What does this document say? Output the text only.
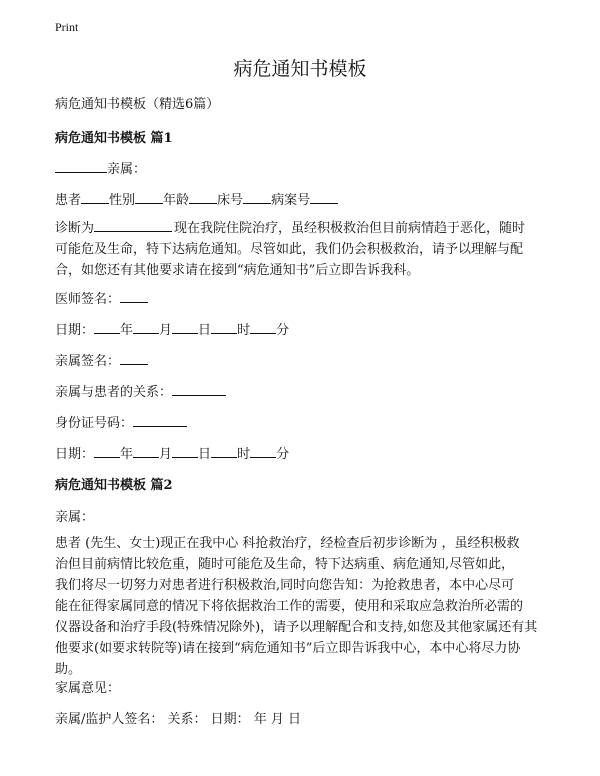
Print
病危通知书模板
病危通知书模板（精选6篇）
病危通知书模板 篇1
亲属：
患者 性别 年龄 床号 病案号
诊断为	现在我院住院治疗，虽经积极救治但目前病情趋于恶化，随时
可能危及生命，特下达病危通知。尽管如此，我们仍会积极救治，请予以理解与配
合，如您还有其他要求请在接到“病危通知书”后立即告诉我科。
医师签名：
日期： 年 月 日 时 分
亲属签名：
亲属与患者的关系：
身份证号码：
日期： 年 月 日 时 分
病危通知书模板 篇2
亲属：
患者 (先生、女士)现正在我中心 科抢救治疗，经检查后初步诊断为 ，虽经积极救
治但目前病情比较危重，随时可能危及生命，特下达病重、病危通知,尽管如此，
我们将尽一切努力对患者进行积极救治,同时向您告知：为抢救患者，本中心尽可
能在征得家属同意的情况下将依据救治工作的需要，使用和采取应急救治所必需的
仪器设备和治疗手段(特殊情况除外)，请予以理解配合和支持,如您及其他家属还有其
他要求(如要求转院等)请在接到“病危通知书”后立即告诉我中心，本中心将尽力协
助。
家属意见：
亲属/监护人签名： 关系： 日期： 年 月 日
